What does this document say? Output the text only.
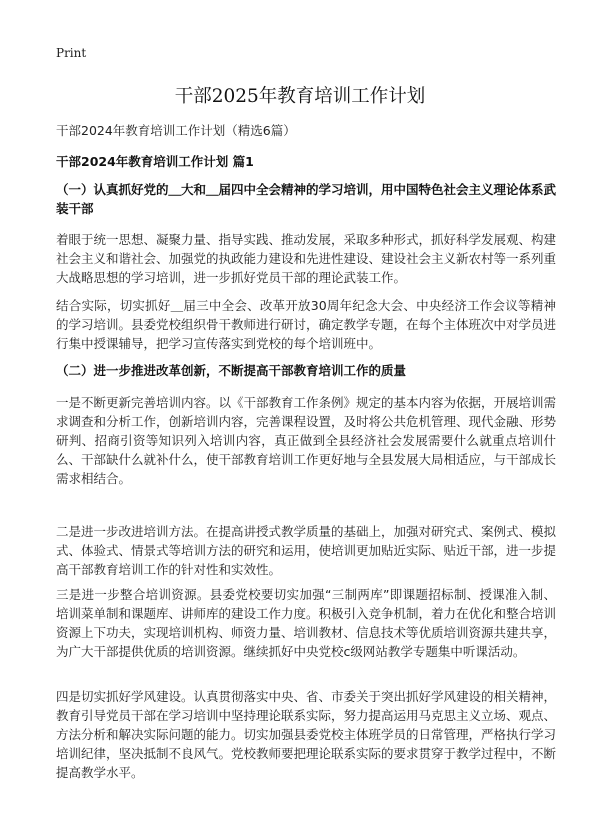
Print
干部2025年教育培训工作计划
干部2024年教育培训工作计划（精选6篇）
干部2024年教育培训工作计划 篇1
（一）认真抓好党的＿大和＿届四中全会精神的学习培训，用中国特色社会主义理论体系武装干部
着眼于统一思想、凝聚力量、指导实践、推动发展，采取多种形式，抓好科学发展观、构建社会主义和谐社会、加强党的执政能力建设和先进性建设、建设社会主义新农村等一系列重大战略思想的学习培训，进一步抓好党员干部的理论武装工作。
结合实际，切实抓好＿届三中全会、改革开放30周年纪念大会、中央经济工作会议等精神的学习培训。县委党校组织骨干教师进行研讨，确定教学专题，在每个主体班次中对学员进行集中授课辅导，把学习宣传落实到党校的每个培训班中。
（二）进一步推进改革创新，不断提高干部教育培训工作的质量
一是不断更新完善培训内容。以《干部教育工作条例》规定的基本内容为依据，开展培训需求调查和分析工作，创新培训内容，完善课程设置，及时将公共危机管理、现代金融、形势研判、招商引资等知识列入培训内容，真正做到全县经济社会发展需要什么就重点培训什么、干部缺什么就补什么，使干部教育培训工作更好地与全县发展大局相适应，与干部成长需求相结合。
二是进一步改进培训方法。在提高讲授式教学质量的基础上，加强对研究式、案例式、模拟式、体验式、情景式等培训方法的研究和运用，使培训更加贴近实际、贴近干部，进一步提高干部教育培训工作的针对性和实效性。
三是进一步整合培训资源。县委党校要切实加强“三制两库”即课题招标制、授课准入制、培训菜单制和课题库、讲师库的建设工作力度。积极引入竞争机制，着力在优化和整合培训资源上下功夫，实现培训机构、师资力量、培训教材、信息技术等优质培训资源共建共享，为广大干部提供优质的培训资源。继续抓好中央党校c级网站教学专题集中听课活动。
四是切实抓好学风建设。认真贯彻落实中央、省、市委关于突出抓好学风建设的相关精神，教育引导党员干部在学习培训中坚持理论联系实际，努力提高运用马克思主义立场、观点、方法分析和解决实际问题的能力。切实加强县委党校主体班学员的日常管理，严格执行学习培训纪律，坚决抵制不良风气。党校教师要把理论联系实际的要求贯穿于教学过程中，不断提高教学水平。
